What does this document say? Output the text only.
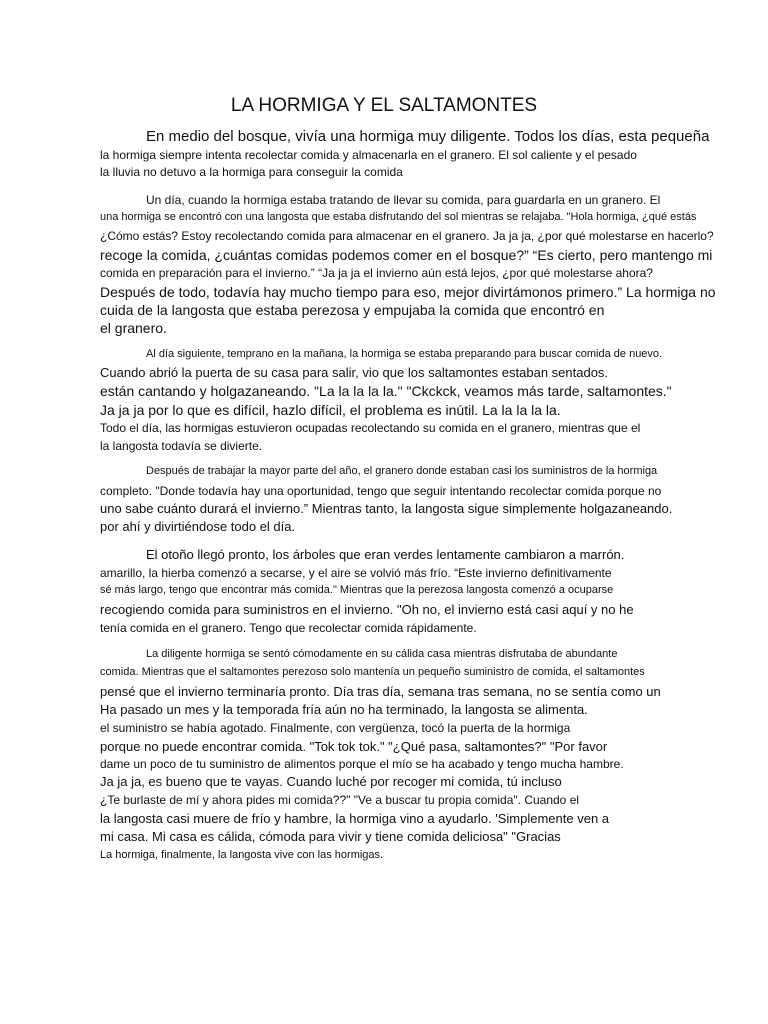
LA HORMIGA Y EL SALTAMONTES

En medio del bosque, vivía una hormiga muy diligente. Todos los días, esta pequeña

la hormiga siempre intenta recolectar comida y almacenarla en el granero. El sol caliente y el pesado

la lluvia no detuvo a la hormiga para conseguir la comida

Un día, cuando la hormiga estaba tratando de llevar su comida, para guardarla en un granero. El

una hormiga se encontró con una langosta que estaba disfrutando del sol mientras se relajaba. "Hola hormiga, ¿qué estás

¿Cómo estás? Estoy recolectando comida para almacenar en el granero. Ja ja ja, ¿por qué molestarse en hacerlo?

recoge la comida, ¿cuántas comidas podemos comer en el bosque?” “Es cierto, pero mantengo mi

comida en preparación para el invierno.” “Ja ja ja el invierno aún está lejos, ¿por qué molestarse ahora?

Después de todo, todavía hay mucho tiempo para eso, mejor divirtámonos primero.” La hormiga no

cuida de la langosta que estaba perezosa y empujaba la comida que encontró en

el granero.

Al día siguiente, temprano en la mañana, la hormiga se estaba preparando para buscar comida de nuevo.

Cuando abrió la puerta de su casa para salir, vio que los saltamontes estaban sentados.

están cantando y holgazaneando. "La la la la la." "Ckckck, veamos más tarde, saltamontes."

Ja ja ja por lo que es difícil, hazlo difícil, el problema es inútil. La la la la la.

Todo el día, las hormigas estuvieron ocupadas recolectando su comida en el granero, mientras que el

la langosta todavía se divierte.

Después de trabajar la mayor parte del año, el granero donde estaban casi los suministros de la hormiga

completo. "Donde todavía hay una oportunidad, tengo que seguir intentando recolectar comida porque no

uno sabe cuánto durará el invierno.” Mientras tanto, la langosta sigue simplemente holgazaneando.

por ahí y divirtiéndose todo el día.

El otoño llegó pronto, los árboles que eran verdes lentamente cambiaron a marrón.

amarillo, la hierba comenzó a secarse, y el aire se volvió más frío. “Este invierno definitivamente

sé más largo, tengo que encontrar más comida." Mientras que la perezosa langosta comenzó a ocuparse

recogiendo comida para suministros en el invierno. "Oh no, el invierno está casi aquí y no he

tenía comida en el granero. Tengo que recolectar comida rápidamente.

La diligente hormiga se sentó cómodamente en su cálida casa mientras disfrutaba de abundante

comida. Mientras que el saltamontes perezoso solo mantenía un pequeño suministro de comida, el saltamontes

pensé que el invierno terminaría pronto. Día tras día, semana tras semana, no se sentía como un

Ha pasado un mes y la temporada fría aún no ha terminado, la langosta se alimenta.

el suministro se había agotado. Finalmente, con vergüenza, tocó la puerta de la hormiga

porque no puede encontrar comida. "Tok tok tok." "¿Qué pasa, saltamontes?" "Por favor

dame un poco de tu suministro de alimentos porque el mío se ha acabado y tengo mucha hambre.

Ja ja ja, es bueno que te vayas. Cuando luché por recoger mi comida, tú incluso

¿Te burlaste de mí y ahora pides mi comida??" "Ve a buscar tu propia comida". Cuando el

la langosta casi muere de frío y hambre, la hormiga vino a ayudarlo. 'Simplemente ven a

mi casa. Mi casa es cálida, cómoda para vivir y tiene comida deliciosa" "Gracias

La hormiga, finalmente, la langosta vive con las hormigas.
